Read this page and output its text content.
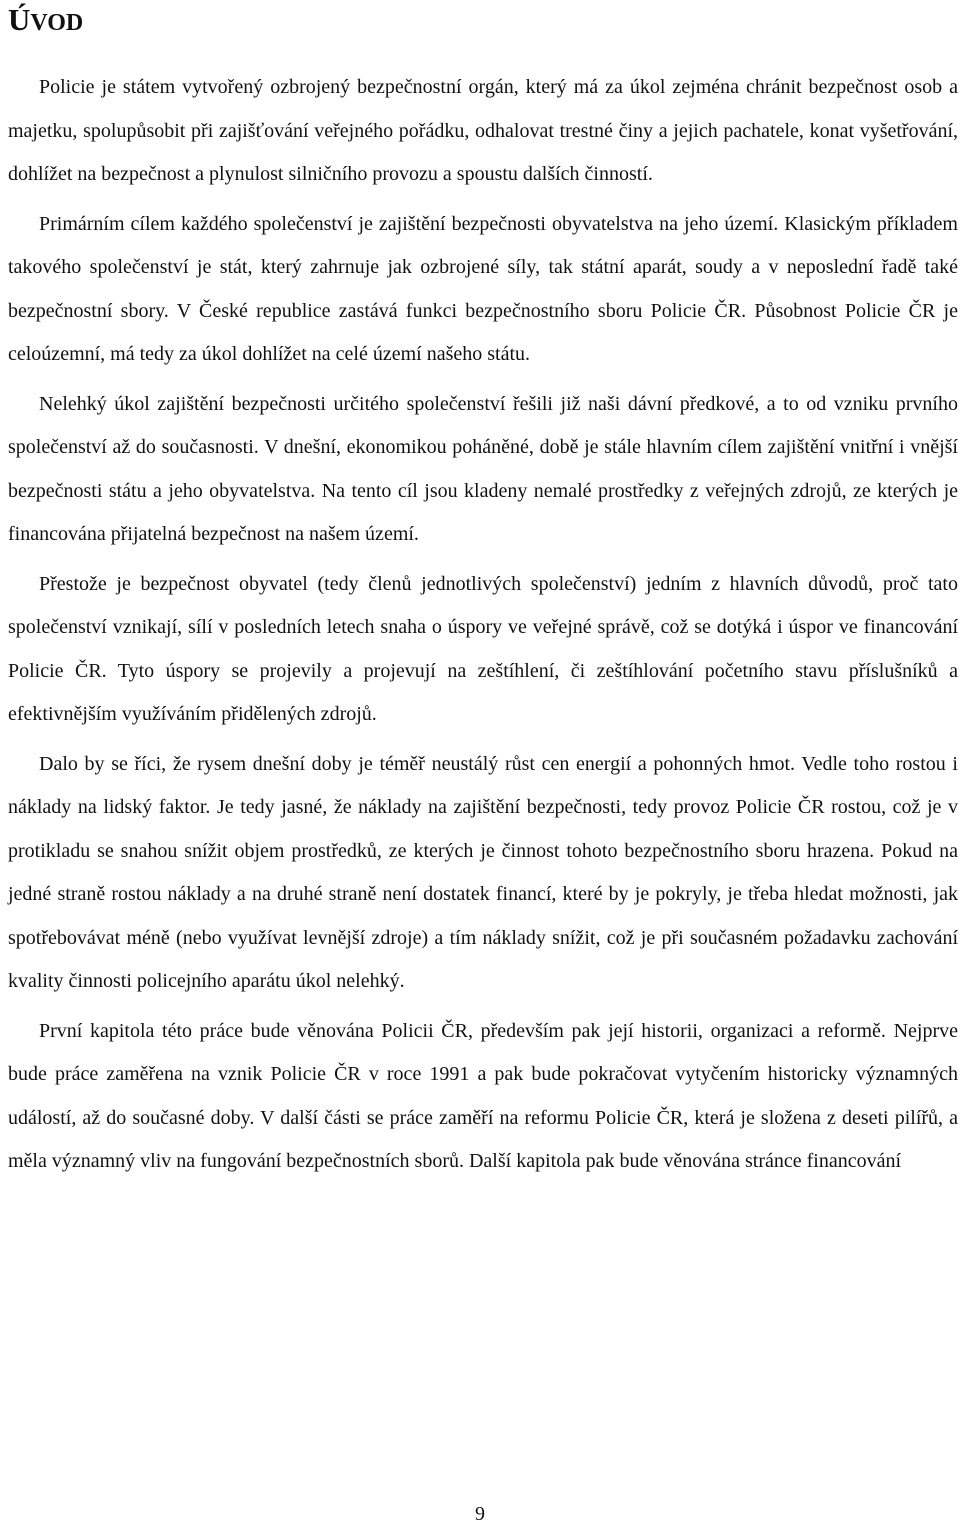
ÚVOD

Policie je státem vytvořený ozbrojený bezpečnostní orgán, který má za úkol zejména chránit bezpečnost osob a majetku, spolupůsobit při zajišťování veřejného pořádku, odhalovat trestné činy a jejich pachatele, konat vyšetřování, dohlížet na bezpečnost a plynulost silničního provozu a spoustu dalších činností.

Primárním cílem každého společenství je zajištění bezpečnosti obyvatelstva na jeho území. Klasickým příkladem takového společenství je stát, který zahrnuje jak ozbrojené síly, tak státní aparát, soudy a v neposlední řadě také bezpečnostní sbory. V České republice zastává funkci bezpečnostního sboru Policie ČR. Působnost Policie ČR je celoúzemní, má tedy za úkol dohlížet na celé území našeho státu.

Nelehký úkol zajištění bezpečnosti určitého společenství řešili již naši dávní předkové, a to od vzniku prvního společenství až do současnosti. V dnešní, ekonomikou poháněné, době je stále hlavním cílem zajištění vnitřní i vnější bezpečnosti státu a jeho obyvatelstva. Na tento cíl jsou kladeny nemalé prostředky z veřejných zdrojů, ze kterých je financována přijatelná bezpečnost na našem území.

Přestože je bezpečnost obyvatel (tedy členů jednotlivých společenství) jedním z hlavních důvodů, proč tato společenství vznikají, sílí v posledních letech snaha o úspory ve veřejné správě, což se dotýká i úspor ve financování Policie ČR. Tyto úspory se projevily a projevují na zeštíhlení, či zeštíhlování početního stavu příslušníků a efektivnějším využíváním přidělených zdrojů.

Dalo by se říci, že rysem dnešní doby je téměř neustálý růst cen energií a pohonných hmot. Vedle toho rostou i náklady na lidský faktor. Je tedy jasné, že náklady na zajištění bezpečnosti, tedy provoz Policie ČR rostou, což je v protikladu se snahou snížit objem prostředků, ze kterých je činnost tohoto bezpečnostního sboru hrazena. Pokud na jedné straně rostou náklady a na druhé straně není dostatek financí, které by je pokryly, je třeba hledat možnosti, jak spotřebovávat méně (nebo využívat levnější zdroje) a tím náklady snížit, což je při současném požadavku zachování kvality činnosti policejního aparátu úkol nelehký.

První kapitola této práce bude věnována Policii ČR, především pak její historii, organizaci a reformě. Nejprve bude práce zaměřena na vznik Policie ČR v roce 1991 a pak bude pokračovat vytyčením historicky významných událostí, až do současné doby. V další části se práce zaměří na reformu Policie ČR, která je složena z deseti pilířů, a měla významný vliv na fungování bezpečnostních sborů. Další kapitola pak bude věnována stránce financování

9
